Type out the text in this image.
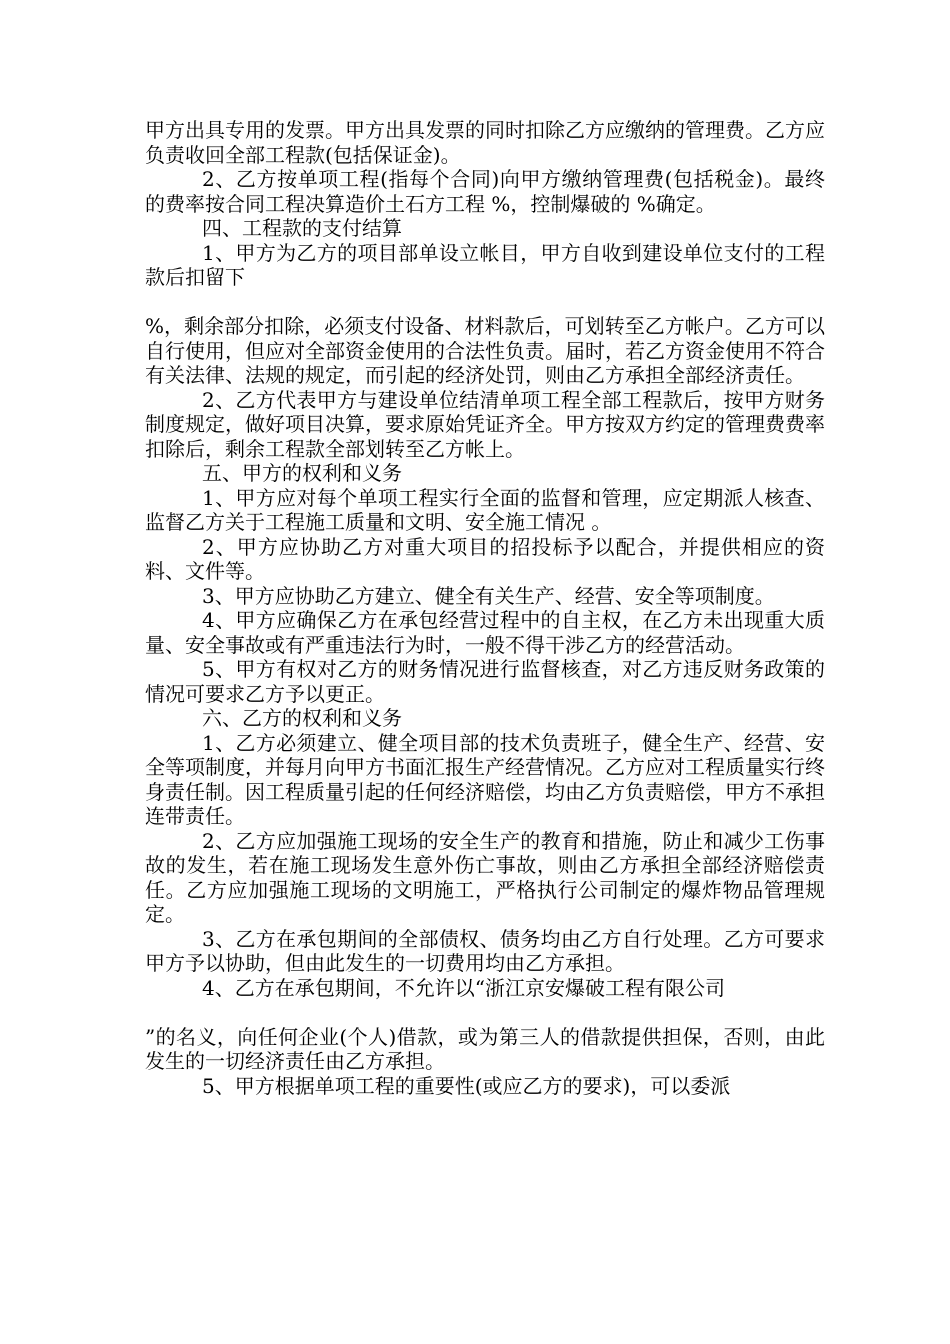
甲方出具专用的发票。甲方出具发票的同时扣除乙方应缴纳的管理费。乙方应负责收回全部工程款(包括保证金)。

2、乙方按单项工程(指每个合同)向甲方缴纳管理费(包括税金)。最终的费率按合同工程决算造价土石方工程 %，控制爆破的 %确定。

四、工程款的支付结算

1、甲方为乙方的项目部单设立帐目，甲方自收到建设单位支付的工程款后扣留下

%，剩余部分扣除，必须支付设备、材料款后，可划转至乙方帐户。乙方可以自行使用，但应对全部资金使用的合法性负责。届时，若乙方资金使用不符合有关法律、法规的规定，而引起的经济处罚，则由乙方承担全部经济责任。

2、乙方代表甲方与建设单位结清单项工程全部工程款后，按甲方财务制度规定，做好项目决算，要求原始凭证齐全。甲方按双方约定的管理费费率扣除后，剩余工程款全部划转至乙方帐上。

五、甲方的权利和义务

1、甲方应对每个单项工程实行全面的监督和管理，应定期派人核查、监督乙方关于工程施工质量和文明、安全施工情况 。

2、甲方应协助乙方对重大项目的招投标予以配合，并提供相应的资料、文件等。

3、甲方应协助乙方建立、健全有关生产、经营、安全等项制度。

4、甲方应确保乙方在承包经营过程中的自主权，在乙方未出现重大质量、安全事故或有严重违法行为时，一般不得干涉乙方的经营活动。

5、甲方有权对乙方的财务情况进行监督核查，对乙方违反财务政策的情况可要求乙方予以更正。

六、乙方的权利和义务

1、乙方必须建立、健全项目部的技术负责班子，健全生产、经营、安全等项制度，并每月向甲方书面汇报生产经营情况。乙方应对工程质量实行终身责任制。因工程质量引起的任何经济赔偿，均由乙方负责赔偿，甲方不承担连带责任。

2、乙方应加强施工现场的安全生产的教育和措施，防止和减少工伤事故的发生，若在施工现场发生意外伤亡事故，则由乙方承担全部经济赔偿责任。乙方应加强施工现场的文明施工，严格执行公司制定的爆炸物品管理规定。

3、乙方在承包期间的全部债权、债务均由乙方自行处理。乙方可要求甲方予以协助，但由此发生的一切费用均由乙方承担。

4、乙方在承包期间，不允许以“浙江京安爆破工程有限公司

”的名义，向任何企业(个人)借款，或为第三人的借款提供担保，否则，由此发生的一切经济责任由乙方承担。

5、甲方根据单项工程的重要性(或应乙方的要求)，可以委派
